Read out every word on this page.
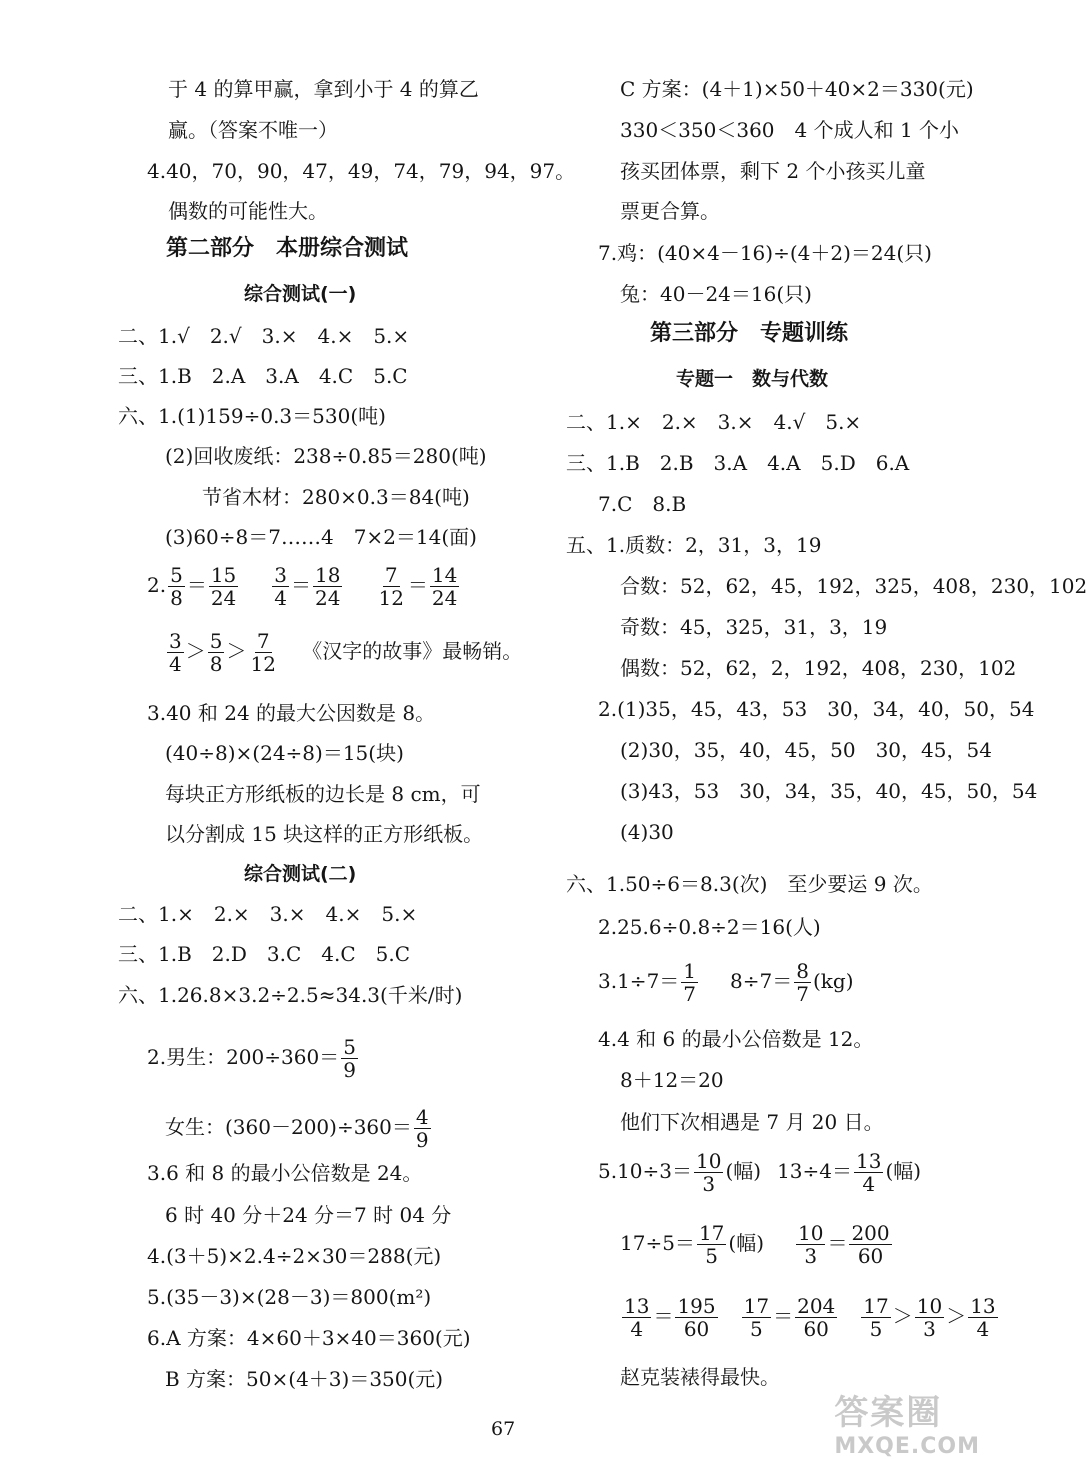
于 4 的算甲赢，拿到小于 4 的算乙
赢。（答案不唯一）
4.40，70，90，47，49，74，79，94，97。
偶数的可能性大。
第二部分　本册综合测试
综合测试(一)
二、1.√　2.√　3.×　4.×　5.×
三、1.B　2.A　3.A　4.C　5.C
六、1.(1)159÷0.3＝530(吨)
(2)回收废纸：238÷0.85＝280(吨)
节省木材：280×0.3＝84(吨)
(3)60÷8＝7……4　7×2＝14(面)
2. $\frac{5}{8} = \frac{15}{24} \frac{3}{4} = \frac{18}{24} \frac{7}{12} = \frac{14}{24}$
$\frac{3}{4} > \frac{5}{8} > \frac{7}{12}$ 《汉字的故事》最畅销。
3.40 和 24 的最大公因数是 8。
(40÷8)×(24÷8)＝15(块)
每块正方形纸板的边长是 8 cm，可
以分割成 15 块这样的正方形纸板。
综合测试(二)
二、1.×　2.×　3.×　4.×　5.×
三、1.B　2.D　3.C　4.C　5.C
六、1.26.8×3.2÷2.5≈34.3(千米/时)
2.男生：$200\div 360= \frac{5}{9}$
女生：$(360-200)\div 360= \frac{4}{9}$
3.6 和 8 的最小公倍数是 24。
6 时 40 分＋24 分＝7 时 04 分
4.(3＋5)×2.4÷2×30＝288(元)
5.(35－3)×(28－3)＝800(m²)
6.A 方案：4×60＋3×40＝360(元)
B 方案：50×(4＋3)＝350(元)
C 方案：(4＋1)×50＋40×2＝330(元)
330＜350＜360　4 个成人和 1 个小
孩买团体票，剩下 2 个小孩买儿童
票更合算。
7.鸡：(40×4－16)÷(4＋2)＝24(只)
兔：40－24＝16(只)
第三部分　专题训练
专题一　数与代数
二、1.×　2.×　3.×　4.√　5.×
三、1.B　2.B　3.A　4.A　5.D　6.A
7.C　8.B
五、1.质数：2，31，3，19
合数：52，62，45，192，325，408，230，102
奇数：45，325，31，3，19
偶数：52，62，2，192，408，230，102
2.(1)35，45，43，53　30，34，40，50，54
(2)30，35，40，45，50　30，45，54
(3)43，53　30，34，35，40，45，50，54
(4)30
六、1.50÷6＝8.3(次)　至少要运 9 次。
2.25.6÷0.8÷2＝16(人)
$3.1\div 7= \frac{1}{7} 8\div 7= \frac{8}{7} (kg)$
4.4 和 6 的最小公倍数是 12。
8＋12＝20
他们下次相遇是 7 月 20 日。
$5.10\div 3= \frac{10}{3}$ (幅) $13\div 4= \frac{13}{4}$ (幅)
$17\div 5= \frac{17}{5}$ (幅) $\frac{10}{3} = \frac{200}{60}$
$\frac{13}{4} = \frac{195}{60} \frac{17}{5} = \frac{204}{60} \frac{17}{5} > \frac{10}{3} > \frac{13}{4}$
赵克装裱得最快。
67	答案圈
MXQE.COM
